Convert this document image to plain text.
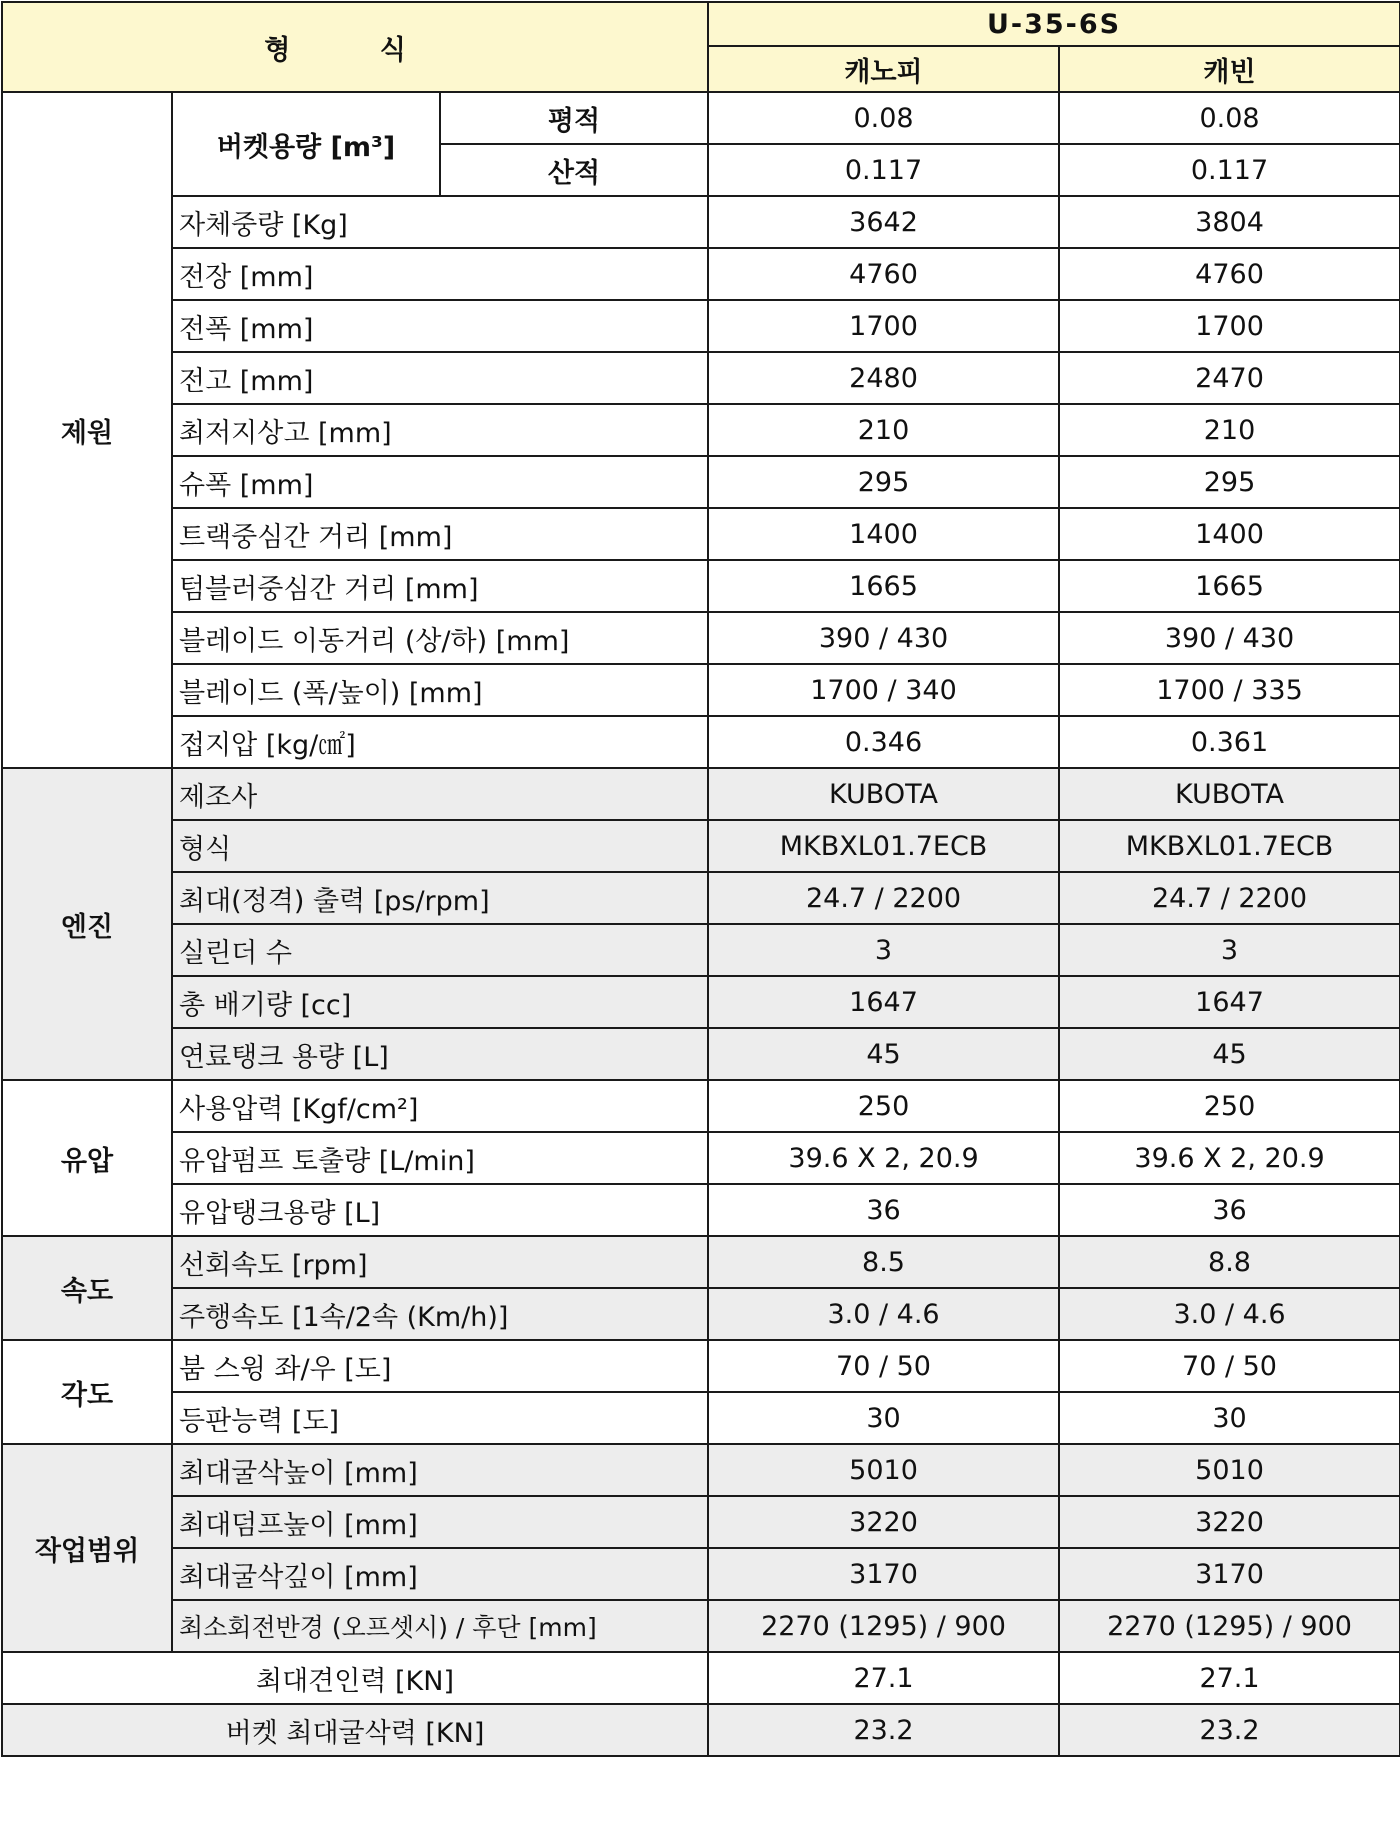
형 식			U-35-6S	
			캐노피	캐빈
제원	버켓용량 [m³]	평적	0.08	0.08
		산적	0.117	0.117
	자체중량 [Kg]		3642	3804
	전장 [mm]		4760	4760
	전폭 [mm]		1700	1700
	전고 [mm]		2480	2470
	최저지상고 [mm]		210	210
	슈폭 [mm]		295	295
	트랙중심간 거리 [mm]		1400	1400
	텀블러중심간 거리 [mm]		1665	1665
	블레이드 이동거리 (상/하) [mm]		390 / 430	390 / 430
	블레이드 (폭/높이) [mm]		1700 / 340	1700 / 335
	접지압 [kg/㎠]		0.346	0.361
엔진	제조사		KUBOTA	KUBOTA
	형식		MKBXL01.7ECB	MKBXL01.7ECB
	최대(정격) 출력 [ps/rpm]		24.7 / 2200	24.7 / 2200
	실린더 수		3	3
	총 배기량 [cc]		1647	1647
	연료탱크 용량 [L]		45	45
유압	사용압력 [Kgf/cm²]		250	250
	유압펌프 토출량 [L/min]		39.6 X 2, 20.9	39.6 X 2, 20.9
	유압탱크용량 [L]		36	36
속도	선회속도 [rpm]		8.5	8.8
	주행속도 [1속/2속 (Km/h)]		3.0 / 4.6	3.0 / 4.6
각도	붐 스윙 좌/우 [도]		70 / 50	70 / 50
	등판능력 [도]		30	30
작업범위	최대굴삭높이 [mm]		5010	5010
	최대덤프높이 [mm]		3220	3220
	최대굴삭깊이 [mm]		3170	3170
	최소회전반경 (오프셋시) / 후단 [mm]		2270 (1295) / 900	2270 (1295) / 900
최대견인력 [KN]			27.1	27.1
버켓 최대굴삭력 [KN]			23.2	23.2
